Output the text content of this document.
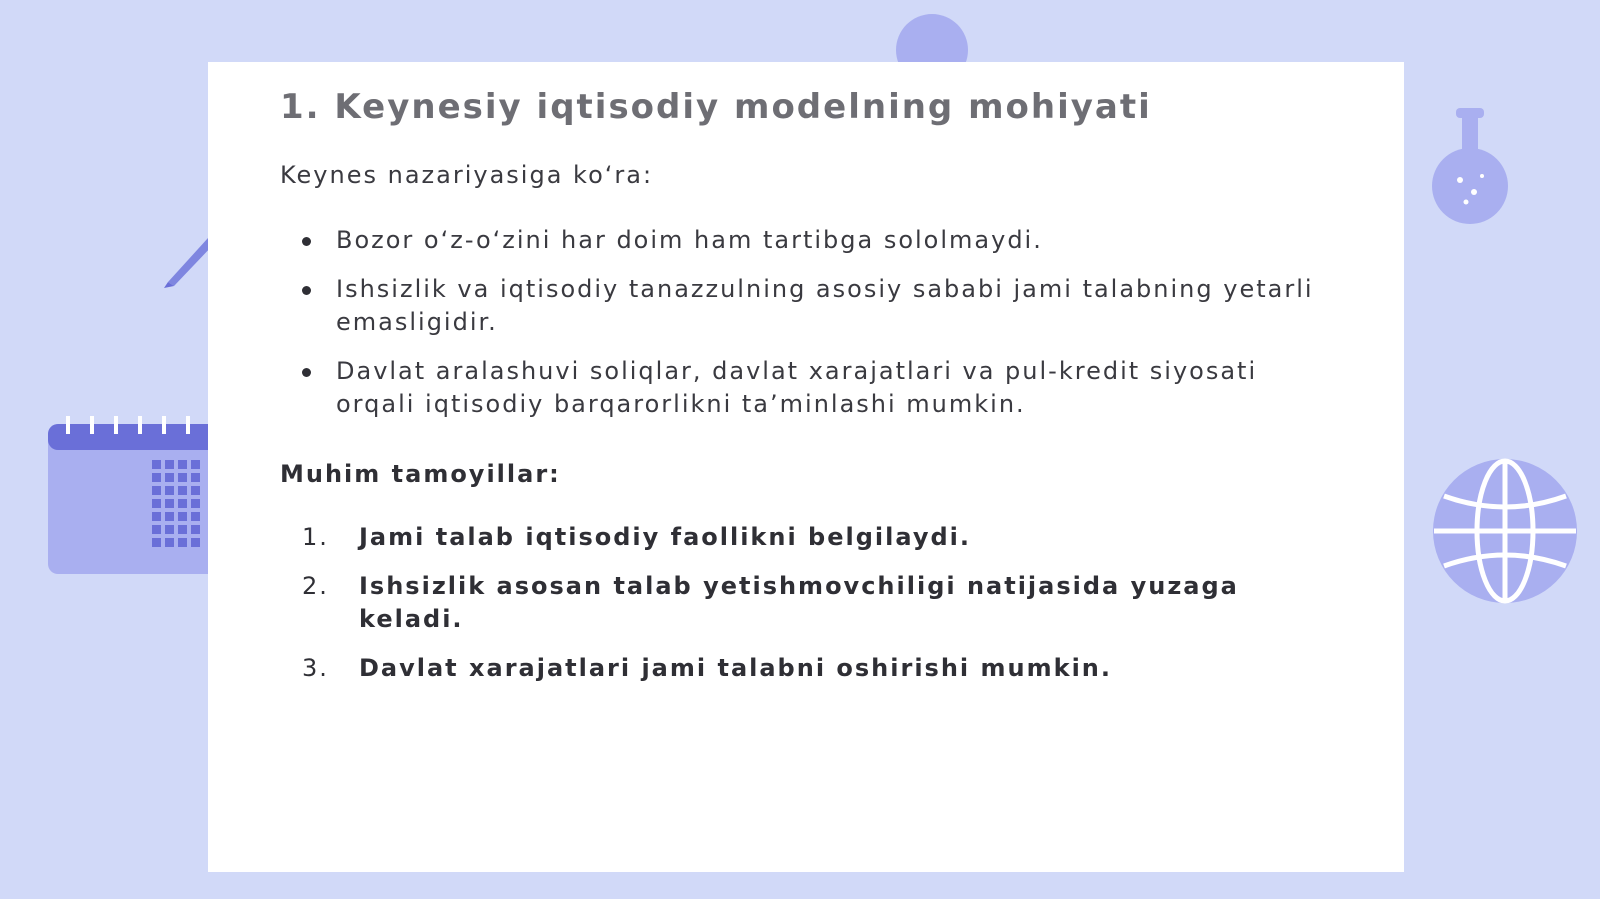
1. Keynesiy iqtisodiy modelning mohiyati

Keynes nazariyasiga ko‘ra:

Bozor o‘z-o‘zini har doim ham tartibga sololmaydi.
Ishsizlik va iqtisodiy tanazzulning asosiy sababi jami talabning yetarli emasligidir.
Davlat aralashuvi soliqlar, davlat xarajatlari va pul-kredit siyosati orqali iqtisodiy barqarorlikni ta’minlashi mumkin.

Muhim tamoyillar:

1. Jami talab iqtisodiy faollikni belgilaydi.
2. Ishsizlik asosan talab yetishmovchiligi natijasida yuzaga keladi.
3. Davlat xarajatlari jami talabni oshirishi mumkin.
